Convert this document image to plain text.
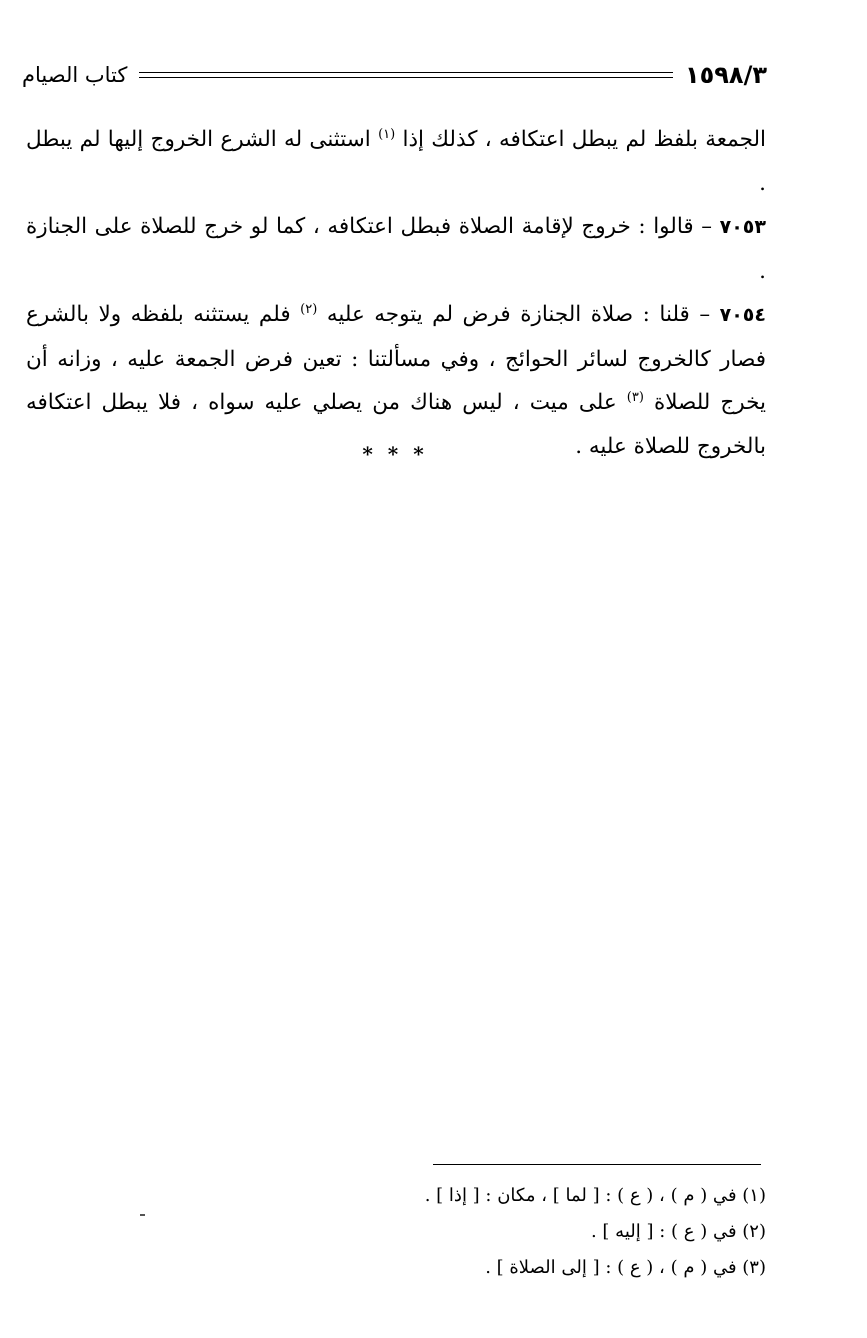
١٥٩٨/٣
كتاب الصيام

الجمعة بلفظ لم يبطل اعتكافه ، كذلك إذا $^{(١)}$ استثنى له الشرع الخروج إليها لم يبطل .

٧٠٥٣ – قالوا : خروج لإقامة الصلاة فبطل اعتكافه ، كما لو خرج للصلاة على الجنازة .

٧٠٥٤ – قلنا : صلاة الجنازة فرض لم يتوجه عليه $^{(٢)}$ فلم يستثنه بلفظه ولا بالشرع فصار كالخروج لسائر الحوائج ، وفي مسألتنا : تعين فرض الجمعة عليه ، وزانه أن يخرج للصلاة $^{(٣)}$ على ميت ، ليس هناك من يصلي عليه سواه ، فلا يبطل اعتكافه بالخروج للصلاة عليه .

* * *
(١) في ( م ) ، ( ع ) : [ لما ] ، مكان : [ إذا ] .
(٢) في ( ع ) : [ إليه ] .
(٣) في ( م ) ، ( ع ) : [ إلى الصلاة ] .
